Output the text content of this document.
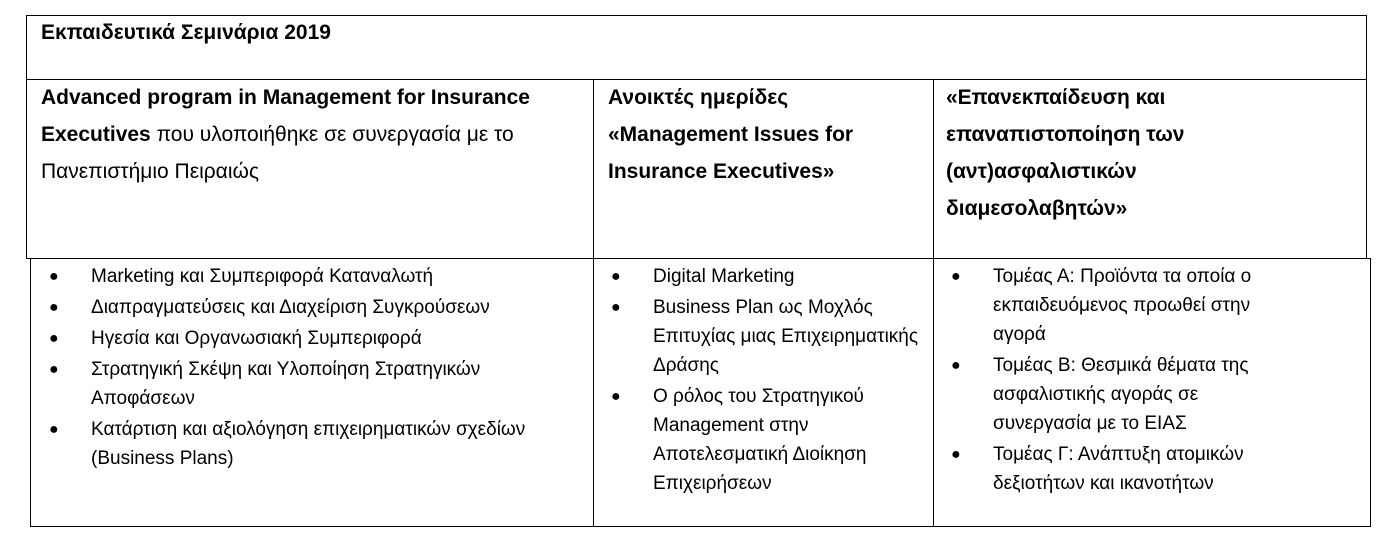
Εκπαιδευτικά Σεμινάρια 2019
Advanced program in Management for Insurance Executives που υλοποιήθηκε σε συνεργασία με το Πανεπιστήμιο Πειραιώς
Ανοικτές ημερίδες «Management Issues for Insurance Executives»
«Επανεκπαίδευση και επαναπιστοποίηση των (αντ)ασφαλιστικών διαμεσολαβητών»
● Marketing και Συμπεριφορά Καταναλωτή
● Διαπραγματεύσεις και Διαχείριση Συγκρούσεων
● Ηγεσία και Οργανωσιακή Συμπεριφορά
● Στρατηγική Σκέψη και Υλοποίηση Στρατηγικών Αποφάσεων
● Κατάρτιση και αξιολόγηση επιχειρηματικών σχεδίων (Business Plans)
● Digital Marketing
● Business Plan ως Μοχλός Επιτυχίας μιας Επιχειρηματικής Δράσης
● Ο ρόλος του Στρατηγικού Management στην Αποτελεσματική Διοίκηση Επιχειρήσεων
● Τομέας Α: Προϊόντα τα οποία ο εκπαιδευόμενος προωθεί στην αγορά
● Τομέας Β: Θεσμικά θέματα της ασφαλιστικής αγοράς σε συνεργασία με το ΕΙΑΣ
● Τομέας Γ: Ανάπτυξη ατομικών δεξιοτήτων και ικανοτήτων
